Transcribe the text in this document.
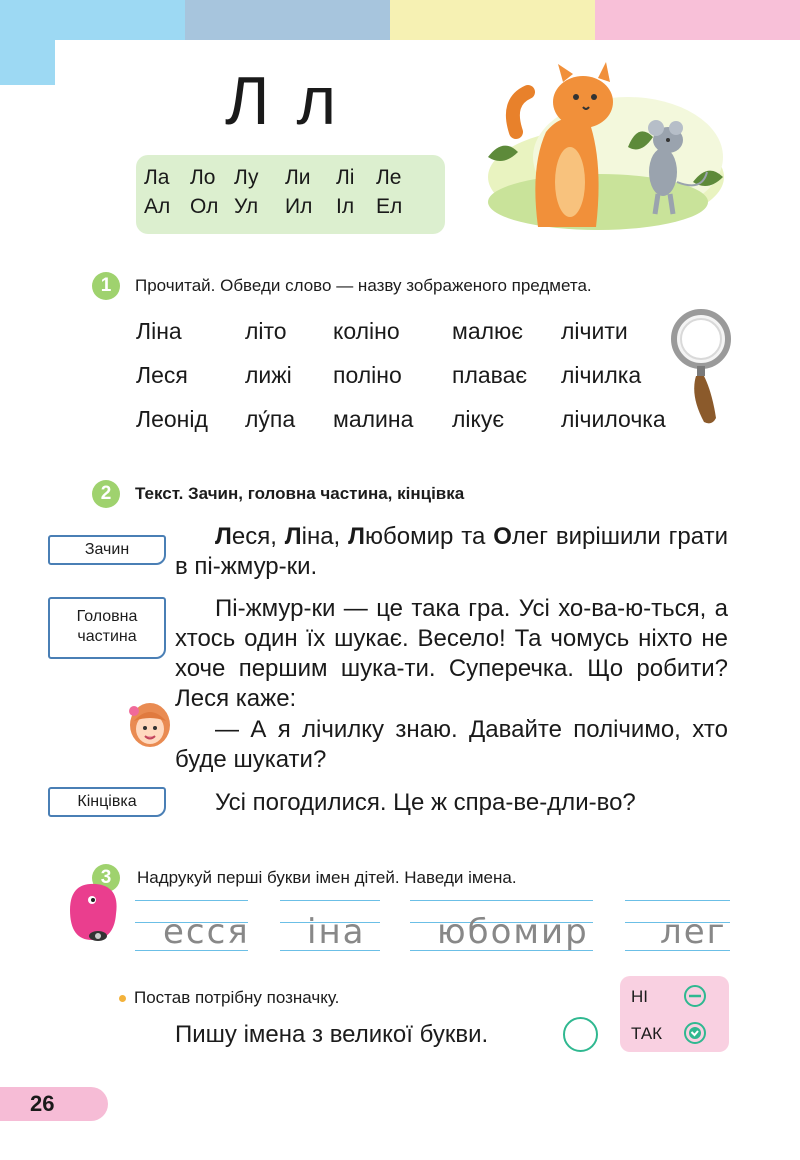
Л л
Ла Ло Лу	Ли	Лі	Ле
Ал Ол Ул	Ил	Іл	Ел
1	Прочитай. Обведи слово — назву зображеного предмета.
Ліна	літо коліно малює лічити
Леся лижі поліно плаває лічилка
Леонід лу́па малина лікує лічилочка
2	Текст. Зачин, головна частина, кінцівка
Зачин
Головна
частина
Кінцівка
Леся, Ліна, Любомир та Олег вирішили грати в пі-жмур-ки.
Пі-жмур-ки — це така гра. Усі хо-ва-ю-ться, а хтось один їх шукає. Весело! Та чомусь ніхто не хоче першим шука-ти. Суперечка. Що робити? Леся каже:
— А я лічилку знаю. Давайте полічимо, хто буде шукати?
Усі погодилися. Це ж спра-ве-дли-во?
3	Надрукуй перші букви імен дітей. Наведи імена.
есся іна юбомир лег
Постав потрібну позначку.
Пишу імена з великої букви.
НІ
ТАК
26
